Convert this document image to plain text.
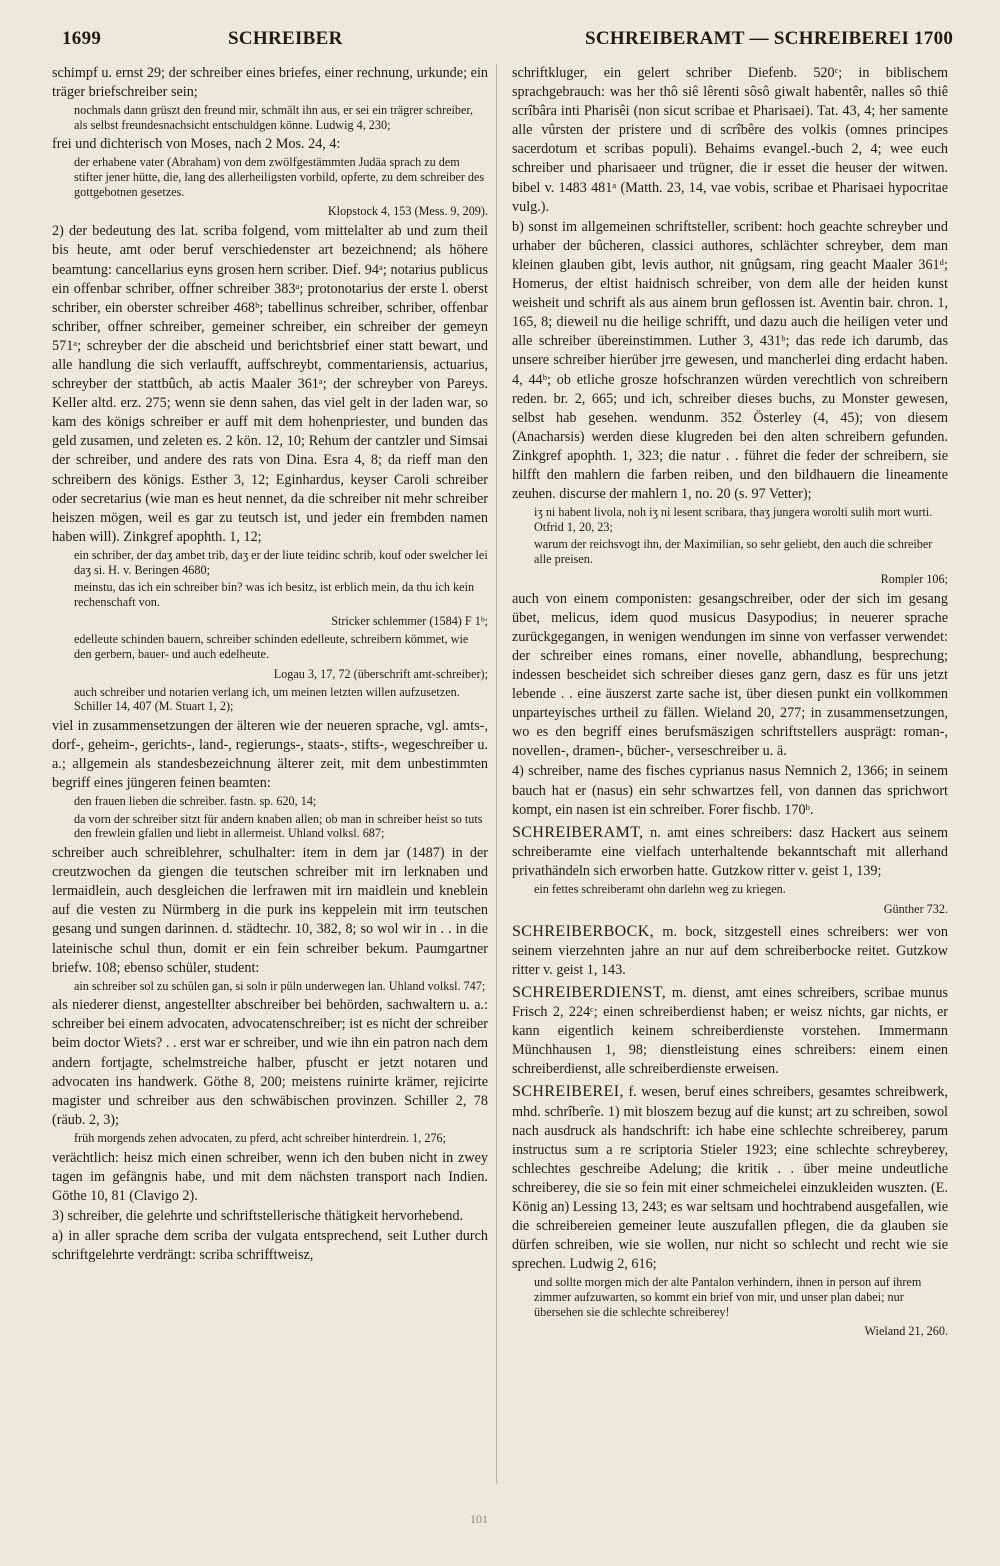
1699	SCHREIBER	SCHREIBERAMT — SCHREIBEREI 1700

schimpf u. ernst 29; der schreiber eines briefes, einer rechnung, urkunde; ein träger briefschreiber sein;

nochmals dann grüszt den freund mir, schmält ihn aus, er sei ein trägrer schreiber, als selbst freundesnachsicht entschuldgen könne. Ludwig 4, 230;

frei und dichterisch von Moses, nach 2 Mos. 24, 4:

der erhabene vater (Abraham) von dem zwölfgestämmten Judäa sprach zu dem stifter jener hütte, die, lang des allerheiligsten vorbild, opferte, zu dem schreiber des gottgebotnen gesetzes.

Klopstock 4, 153 (Mess. 9, 209).

2) der bedeutung des lat. scriba folgend, vom mittelalter ab und zum theil bis heute, amt oder beruf verschiedenster art bezeichnend; als höhere beamtung: cancellarius eyns grosen hern scriber. Dief. 94ᵃ; notarius publicus ein offenbar schriber, offner schreiber 383ᵃ; protonotarius der erste l. oberst schriber, ein oberster schreiber 468ᵇ; tabellinus schreiber, schriber, offenbar schriber, offner schreiber, gemeiner schreiber, ein schreiber der gemeyn 571ᵃ; schreyber der die abscheid und berichtsbrief einer statt bewart, und alle handlung die sich verlaufft, auffschreybt, commentariensis, actuarius, schreyber der stattbûch, ab actis Maaler 361ᵃ; der schreyber von Pareys. Keller altd. erz. 275; wenn sie denn sahen, das viel gelt in der laden war, so kam des königs schreiber er auff mit dem hohenpriester, und bunden das geld zusamen, und zeleten es. 2 kön. 12, 10; Rehum der cantzler und Simsai der schreiber, und andere des rats von Dina. Esra 4, 8; da rieff man den schreibern des königs. Esther 3, 12; Eginhardus, keyser Caroli schreiber oder secretarius (wie man es heut nennet, da die schreiber nit mehr schreiber heiszen mögen, weil es gar zu teutsch ist, und jeder ein frembden namen haben will). Zinkgref apophth. 1, 12;

ein schriber, der daʒ ambet trib, daʒ er der liute teidinc schrib, kouf oder swelcher lei daʒ si. H. v. Beringen 4680;

meinstu, das ich ein schreiber bin? was ich besitz, ist erblich mein, da thu ich kein rechenschaft von.

Stricker schlemmer (1584) F 1ᵇ;

edelleute schinden bauern, schreiber schinden edelleute, schreibern kömmet, wie den gerbern, bauer- und auch edelheute.

Logau 3, 17, 72 (überschrift amt-schreiber);

auch schreiber und notarien verlang ich, um meinen letzten willen aufzusetzen. Schiller 14, 407 (M. Stuart 1, 2);

viel in zusammensetzungen der älteren wie der neueren sprache, vgl. amts-, dorf-, geheim-, gerichts-, land-, regierungs-, staats-, stifts-, wegeschreiber u. a.; allgemein als standesbezeichnung älterer zeit, mit dem unbestimmten begriff eines jüngeren feinen beamten:

den frauen lieben die schreiber. fastn. sp. 620, 14;

da vorn der schreiber sitzt für andern knaben allen; ob man in schreiber heist so tuts den frewlein gfallen und liebt in allermeist. Uhland volksl. 687;

schreiber auch schreiblehrer, schulhalter: item in dem jar (1487) in der creutzwochen da giengen die teutschen schreiber mit irn lerknaben und lermaidlein, auch desgleichen die lerfrawen mit irn maidlein und kneblein auf die vesten zu Nürmberg in die purk ins keppelein mit irm teutschen gesang und sungen darinnen. d. städtechr. 10, 382, 8; so wol wir in . . in die lateinische schul thun, domit er ein fein schreiber bekum. Paumgartner briefw. 108; ebenso schüler, student:

ain schreiber sol zu schûlen gan, si soln ir püln underwegen lan. Uhland volksl. 747;

als niederer dienst, angestellter abschreiber bei behörden, sachwaltern u. a.: schreiber bei einem advocaten, advocatenschreiber; ist es nicht der schreiber beim doctor Wiets? . . erst war er schreiber, und wie ihn ein patron nach dem andern fortjagte, schelmstreiche halber, pfuscht er jetzt notaren und advocaten ins handwerk. Göthe 8, 200; meistens ruinirte krämer, rejicirte magister und schreiber aus den schwäbischen provinzen. Schiller 2, 78 (räub. 2, 3);

früh morgends zehen advocaten, zu pferd, acht schreiber hinterdrein. 1, 276;

verächtlich: heisz mich einen schreiber, wenn ich den buben nicht in zwey tagen im gefängnis habe, und mit dem nächsten transport nach Indien. Göthe 10, 81 (Clavigo 2).

3) schreiber, die gelehrte und schriftstellerische thätigkeit hervorhebend.

a) in aller sprache dem scriba der vulgata entsprechend, seit Luther durch schriftgelehrte verdrängt: scriba schrifftweisz,

schriftkluger, ein gelert schriber Diefenb. 520ᶜ; in biblischem sprachgebrauch: was her thô siê lêrenti sôsô giwalt habentêr, nalles sô thiê scrîbâra inti Pharisêi (non sicut scribae et Pharisaei). Tat. 43, 4; her samente alle vûrsten der pristere und di scrîbêre des volkis (omnes principes sacerdotum et scribas populi). Behaims evangel.-buch 2, 4; wee euch schreiber und pharisaeer und trügner, die ir esset die heuser der witwen. bibel v. 1483 481ᵃ (Matth. 23, 14, vae vobis, scribae et Pharisaei hypocritae vulg.).

b) sonst im allgemeinen schriftsteller, scribent: hoch geachte schreyber und urhaber der bûcheren, classici authores, schlächter schreyber, dem man kleinen glauben gibt, levis author, nit gnûgsam, ring geacht Maaler 361ᵈ; Homerus, der eltist haidnisch schreiber, von dem alle der heiden kunst weisheit und schrift als aus ainem brun geflossen ist. Aventin bair. chron. 1, 165, 8; dieweil nu die heilige schrifft, und dazu auch die heiligen veter und alle schreiber übereinstimmen. Luther 3, 431ᵇ; das rede ich darumb, das unsere schreiber hierüber jrre gewesen, und mancherlei ding erdacht haben. 4, 44ᵇ; ob etliche grosze hofschranzen würden verechtlich von schreibern reden. br. 2, 665; und ich, schreiber dieses buchs, zu Monster gewesen, selbst hab gesehen. wendunm. 352 Österley (4, 45); von diesem (Anacharsis) werden diese klugreden bei den alten schreibern gefunden. Zinkgref apophth. 1, 323; die natur . . führet die feder der schreibern, sie hilfft den mahlern die farben reiben, und den bildhauern die lineamente zeuhen. discurse der mahlern 1, no. 20 (s. 97 Vetter);

iʒ ni habent livola, noh iʒ ni lesent scribara, thaʒ jungera worolti sulih mort wurti. Otfrid 1, 20, 23;

warum der reichsvogt ihn, der Maximilian, so sehr geliebt, den auch die schreiber alle preisen.

Rompler 106;

auch von einem componisten: gesangschreiber, oder der sich im gesang übet, melicus, idem quod musicus Dasypodius; in neuerer sprache zurückgegangen, in wenigen wendungen im sinne von verfasser verwendet: der schreiber eines romans, einer novelle, abhandlung, besprechung; indessen bescheidet sich schreiber dieses ganz gern, dasz es für uns jetzt lebende . . eine äuszerst zarte sache ist, über diesen punkt ein vollkommen unparteyisches urtheil zu fällen. Wieland 20, 277; in zusammensetzungen, wo es den begriff eines berufsmäszigen schriftstellers ausprägt: roman-, novellen-, dramen-, bücher-, verseschreiber u. ä.

4) schreiber, name des fisches cyprianus nasus Nemnich 2, 1366; in seinem bauch hat er (nasus) ein sehr schwartzes fell, von dannen das sprichwort kompt, ein nasen ist ein schreiber. Forer fischb. 170ᵇ.

SCHREIBERAMT, n. amt eines schreibers: dasz Hackert aus seinem schreiberamte eine vielfach unterhaltende bekanntschaft mit allerhand privathändeln sich erworben hatte. Gutzkow ritter v. geist 1, 139;

ein fettes schreiberamt ohn darlehn weg zu kriegen.

Günther 732.

SCHREIBERBOCK, m. bock, sitzgestell eines schreibers: wer von seinem vierzehnten jahre an nur auf dem schreiberbocke reitet. Gutzkow ritter v. geist 1, 143.

SCHREIBERDIENST, m. dienst, amt eines schreibers, scribae munus Frisch 2, 224ᶜ; einen schreiberdienst haben; er weisz nichts, gar nichts, er kann eigentlich keinem schreiberdienste vorstehen. Immermann Münchhausen 1, 98; dienstleistung eines schreibers: einem einen schreiberdienst, alle schreiberdienste erweisen.

SCHREIBEREI, f. wesen, beruf eines schreibers, gesamtes schreibwerk, mhd. schrîberîe. 1) mit bloszem bezug auf die kunst; art zu schreiben, sowol nach ausdruck als handschrift: ich habe eine schlechte schreiberey, parum instructus sum a re scriptoria Stieler 1923; eine schlechte schreyberey, schlechtes geschreibe Adelung; die kritik . . über meine undeutliche schreiberey, die sie so fein mit einer schmeichelei einzukleiden wuszten. (E. König an) Lessing 13, 243; es war seltsam und hochtrabend ausgefallen, wie die schreibereien gemeiner leute auszufallen pflegen, die da glauben sie dürfen schreiben, wie sie wollen, nur nicht so schlecht und recht wie sie sprechen. Ludwig 2, 616;

und sollte morgen mich der alte Pantalon verhindern, ihnen in person auf ihrem zimmer aufzuwarten, so kommt ein brief von mir, und unser plan dabei; nur übersehen sie die schlechte schreiberey!

Wieland 21, 260.

101
